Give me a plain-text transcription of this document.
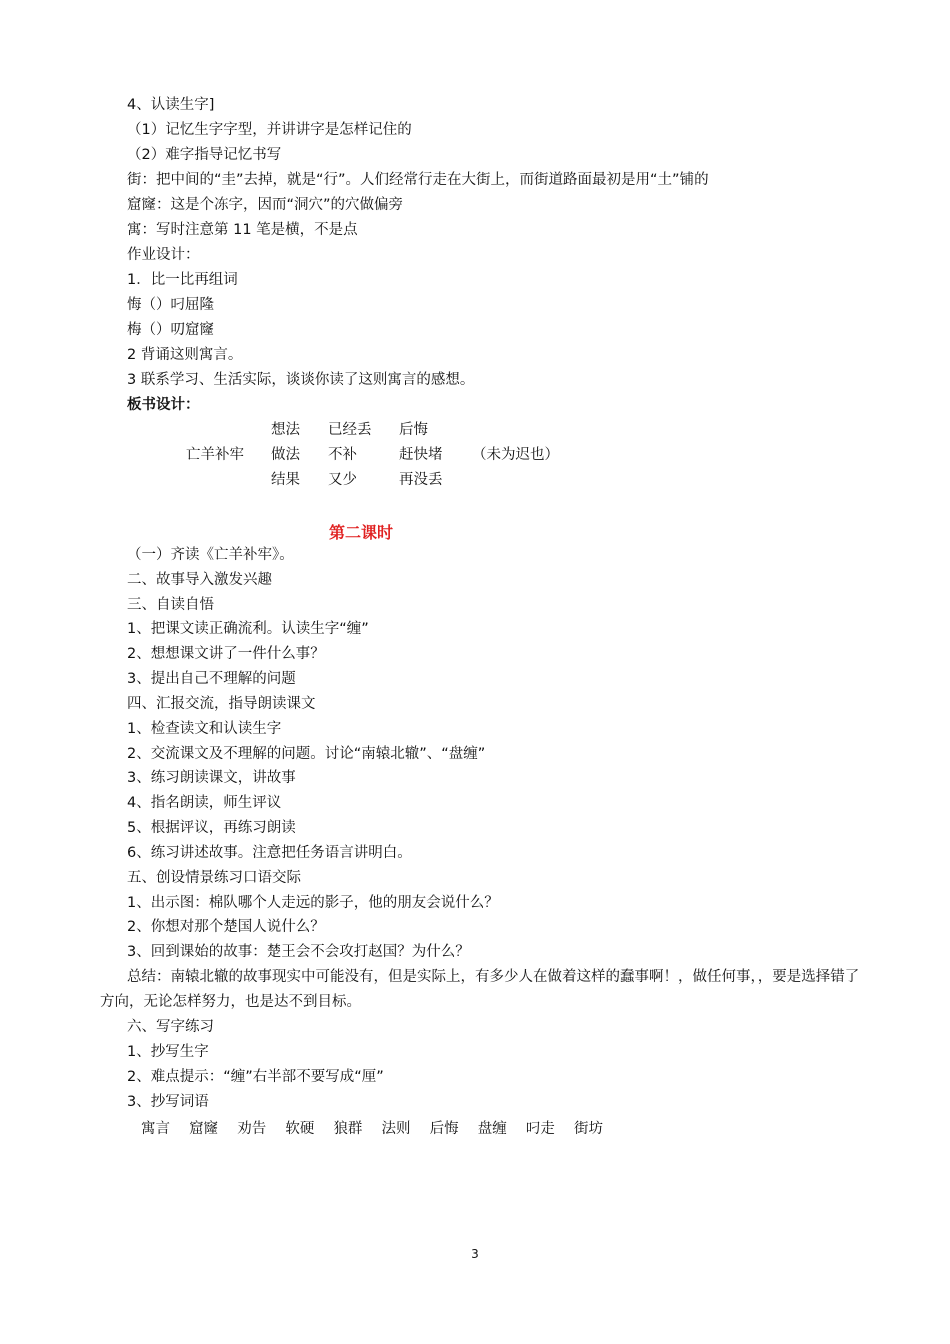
4、认读生字]
（1）记忆生字字型，并讲讲字是怎样记住的
（2）难字指导记忆书写
街：把中间的“圭”去掉，就是“行”。人们经常行走在大街上，而街道路面最初是用“土”铺的
窟窿：这是个冻字，因而“洞穴”的穴做偏旁
寓：写时注意第 11 笔是横，不是点
作业设计：
1．比一比再组词
悔（）叼屈隆
梅（）叨窟窿
2 背诵这则寓言。
3 联系学习、生活实际，谈谈你读了这则寓言的感想。
板书设计：
亡羊补牢
想法 已经丢 后悔
做法 不补	赶快堵 （未为迟也）
结果 又少	再没丢
第二课时
（一）齐读《亡羊补牢》。
二、故事导入激发兴趣
三、自读自悟
1、把课文读正确流利。认读生字“缠”
2、想想课文讲了一件什么事？
3、提出自己不理解的问题
四、汇报交流，指导朗读课文
1、检查读文和认读生字
2、交流课文及不理解的问题。讨论“南辕北辙”、“盘缠”
3、练习朗读课文，讲故事
4、指名朗读，师生评议
5、根据评议，再练习朗读
6、练习讲述故事。注意把任务语言讲明白。
五、创设情景练习口语交际
1、出示图：棉队哪个人走远的影子，他的朋友会说什么？
2、你想对那个楚国人说什么？
3、回到课始的故事：楚王会不会攻打赵国？为什么？
总结：南辕北辙的故事现实中可能没有，但是实际上，有多少人在做着这样的蠢事啊！，做任何事，，要是选择错了方向，无论怎样努力，也是达不到目标。
六、写字练习
1、抄写生字
2、难点提示：“缠”右半部不要写成“厘”
3、抄写词语
寓言 窟窿 劝告 软硬 狼群 法则 后悔 盘缠 叼走 街坊
3
